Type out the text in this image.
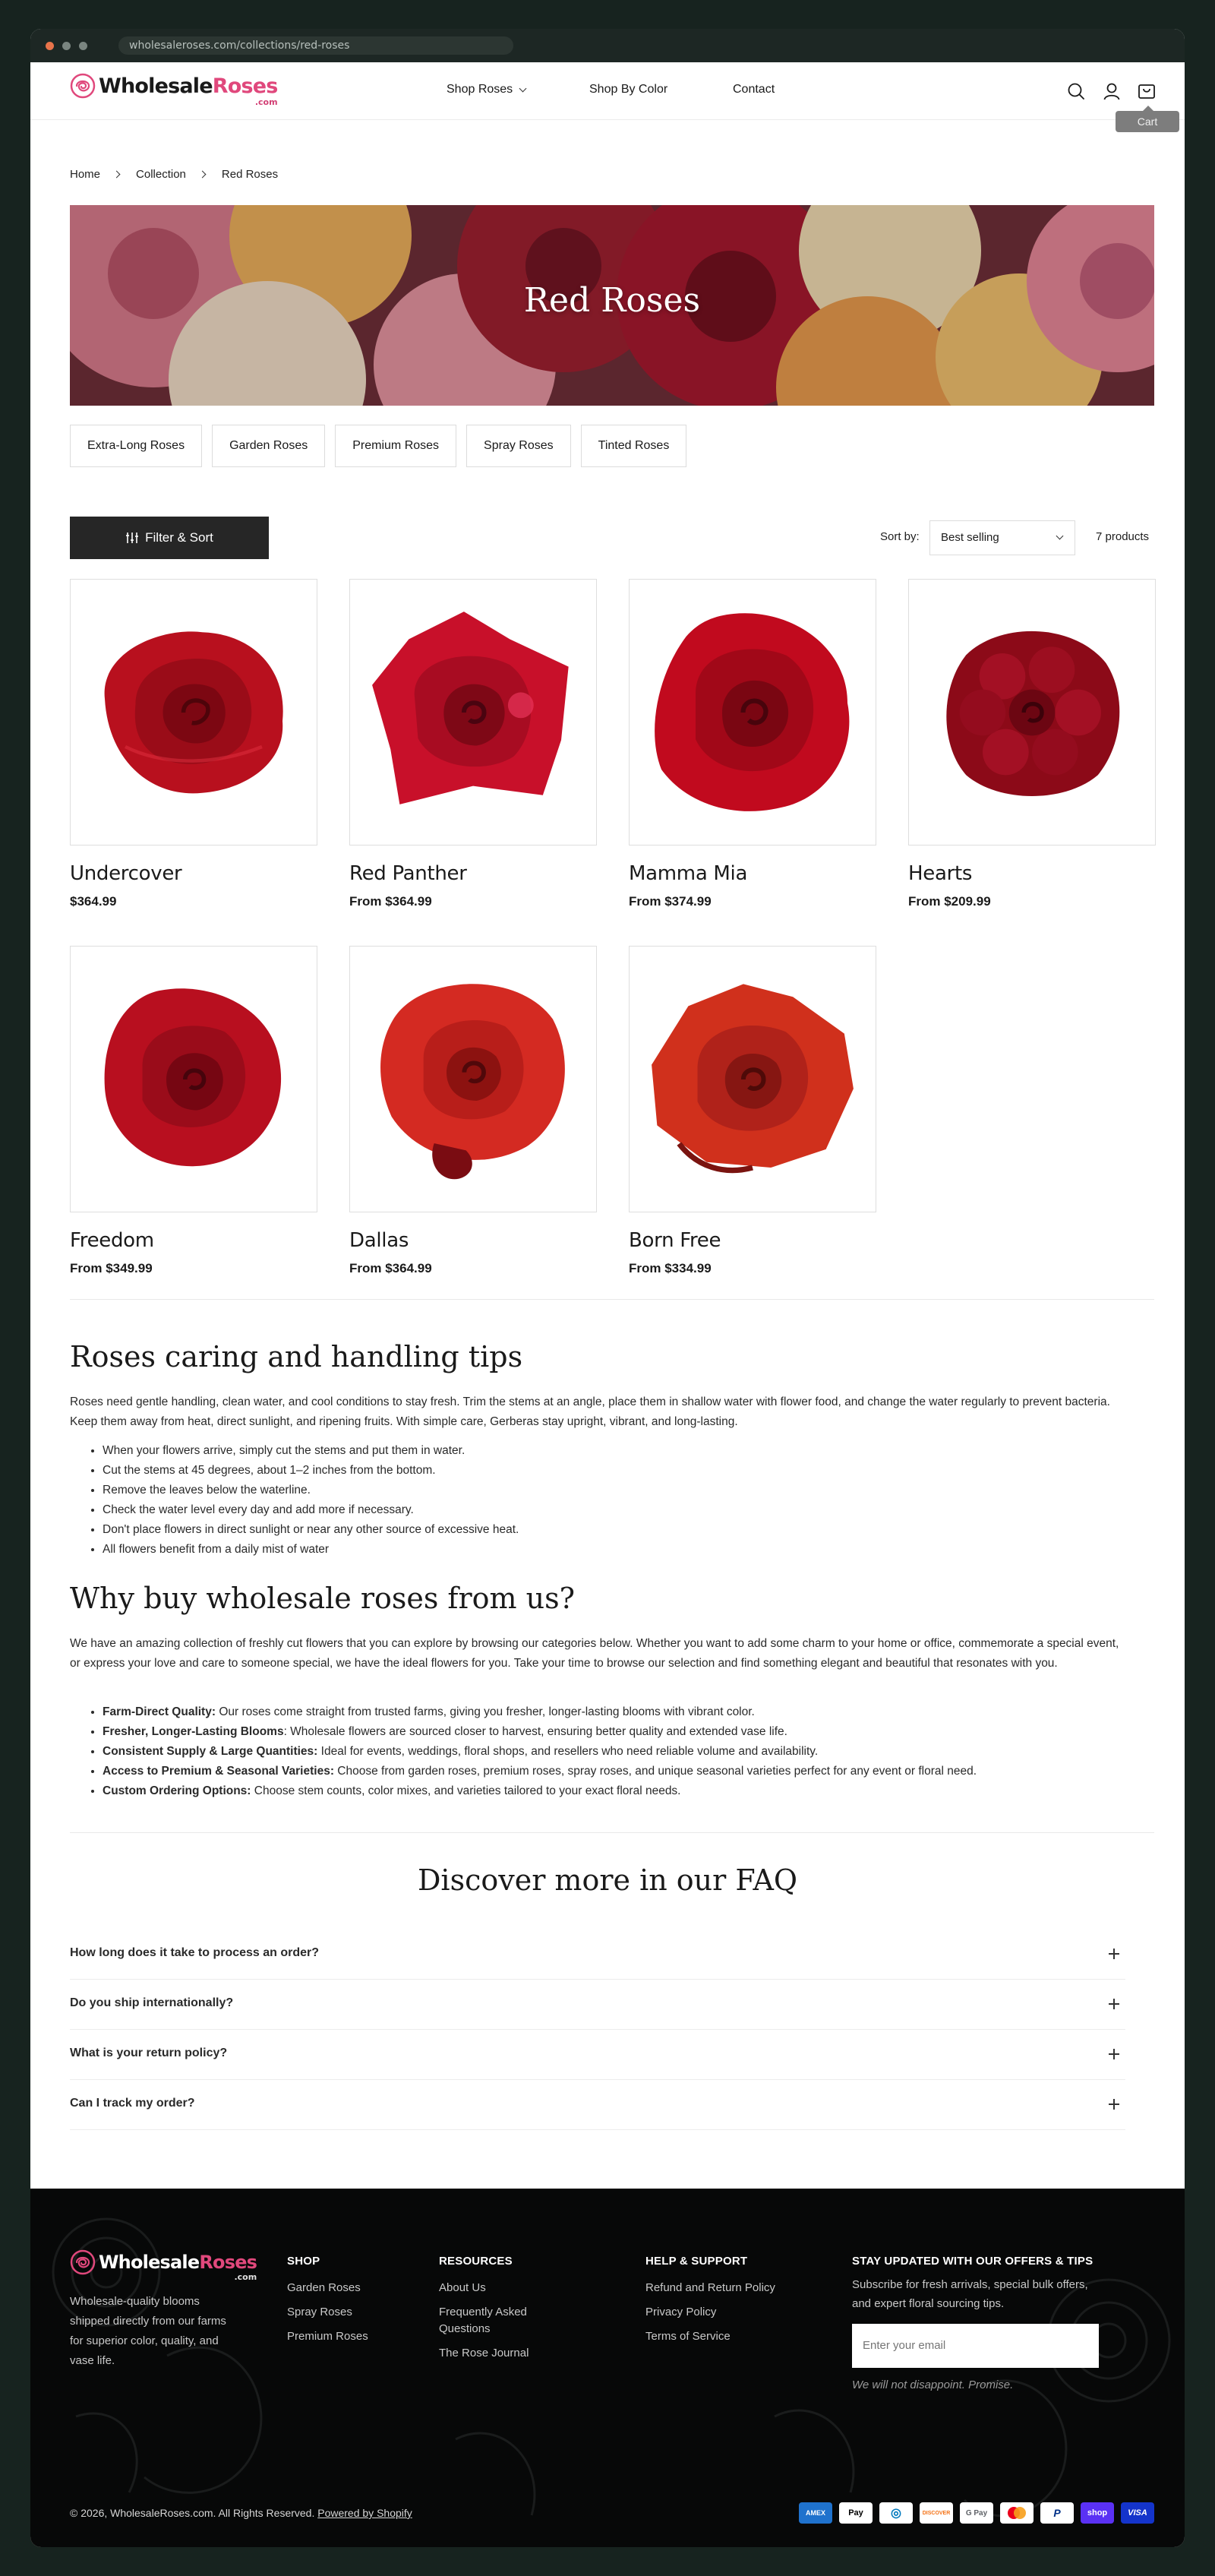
wholesaleroses.com/collections/red-roses
WholesaleRoses
.com
Shop Roses	Shop By Color	Contact
Cart
Home	Collection	Red Roses
Red Roses
Extra-Long Roses	Garden Roses	Premium Roses	Spray Roses	Tinted Roses
Filter & Sort	Sort by:	Best selling	7 products
Undercover
$364.99
Red Panther
From $364.99
Mamma Mia
From $374.99
Hearts
From $209.99
Freedom
From $349.99
Dallas
From $364.99
Born Free
From $334.99
Roses caring and handling tips

Roses need gentle handling, clean water, and cool conditions to stay fresh. Trim the stems at an angle, place them in shallow water with flower food, and change the water regularly to prevent bacteria. Keep them away from heat, direct sunlight, and ripening fruits. With simple care, Gerberas stay upright, vibrant, and long-lasting.

• When your flowers arrive, simply cut the stems and put them in water.
• Cut the stems at 45 degrees, about 1–2 inches from the bottom.
• Remove the leaves below the waterline.
• Check the water level every day and add more if necessary.
• Don't place flowers in direct sunlight or near any other source of excessive heat.
• All flowers benefit from a daily mist of water
Why buy wholesale roses from us?

We have an amazing collection of freshly cut flowers that you can explore by browsing our categories below. Whether you want to add some charm to your home or office, commemorate a special event, or express your love and care to someone special, we have the ideal flowers for you. Take your time to browse our selection and find something elegant and beautiful that resonates with you.

• Farm-Direct Quality: Our roses come straight from trusted farms, giving you fresher, longer-lasting blooms with vibrant color.
• Fresher, Longer-Lasting Blooms: Wholesale flowers are sourced closer to harvest, ensuring better quality and extended vase life.
• Consistent Supply & Large Quantities: Ideal for events, weddings, floral shops, and resellers who need reliable volume and availability.
• Access to Premium & Seasonal Varieties: Choose from garden roses, premium roses, spray roses, and unique seasonal varieties perfect for any event or floral need.
• Custom Ordering Options: Choose stem counts, color mixes, and varieties tailored to your exact floral needs.
Discover more in our FAQ
How long does it take to process an order?
Do you ship internationally?
What is your return policy?
Can I track my order?
WholesaleRoses
.com
Wholesale-quality blooms shipped directly from our farms for superior color, quality, and vase life.
SHOP
Garden Roses
Spray Roses
Premium Roses
RESOURCES
About Us
Frequently Asked Questions
The Rose Journal
HELP & SUPPORT
Refund and Return Policy
Privacy Policy
Terms of Service
STAY UPDATED WITH OUR OFFERS & TIPS
Subscribe for fresh arrivals, special bulk offers, and expert floral sourcing tips.
Enter your email
We will not disappoint. Promise.
© 2026, WholesaleRoses.com. All Rights Reserved. Powered by Shopify	AMEX	Pay	◎	DISCOVER	G Pay	P	shop	VISA
